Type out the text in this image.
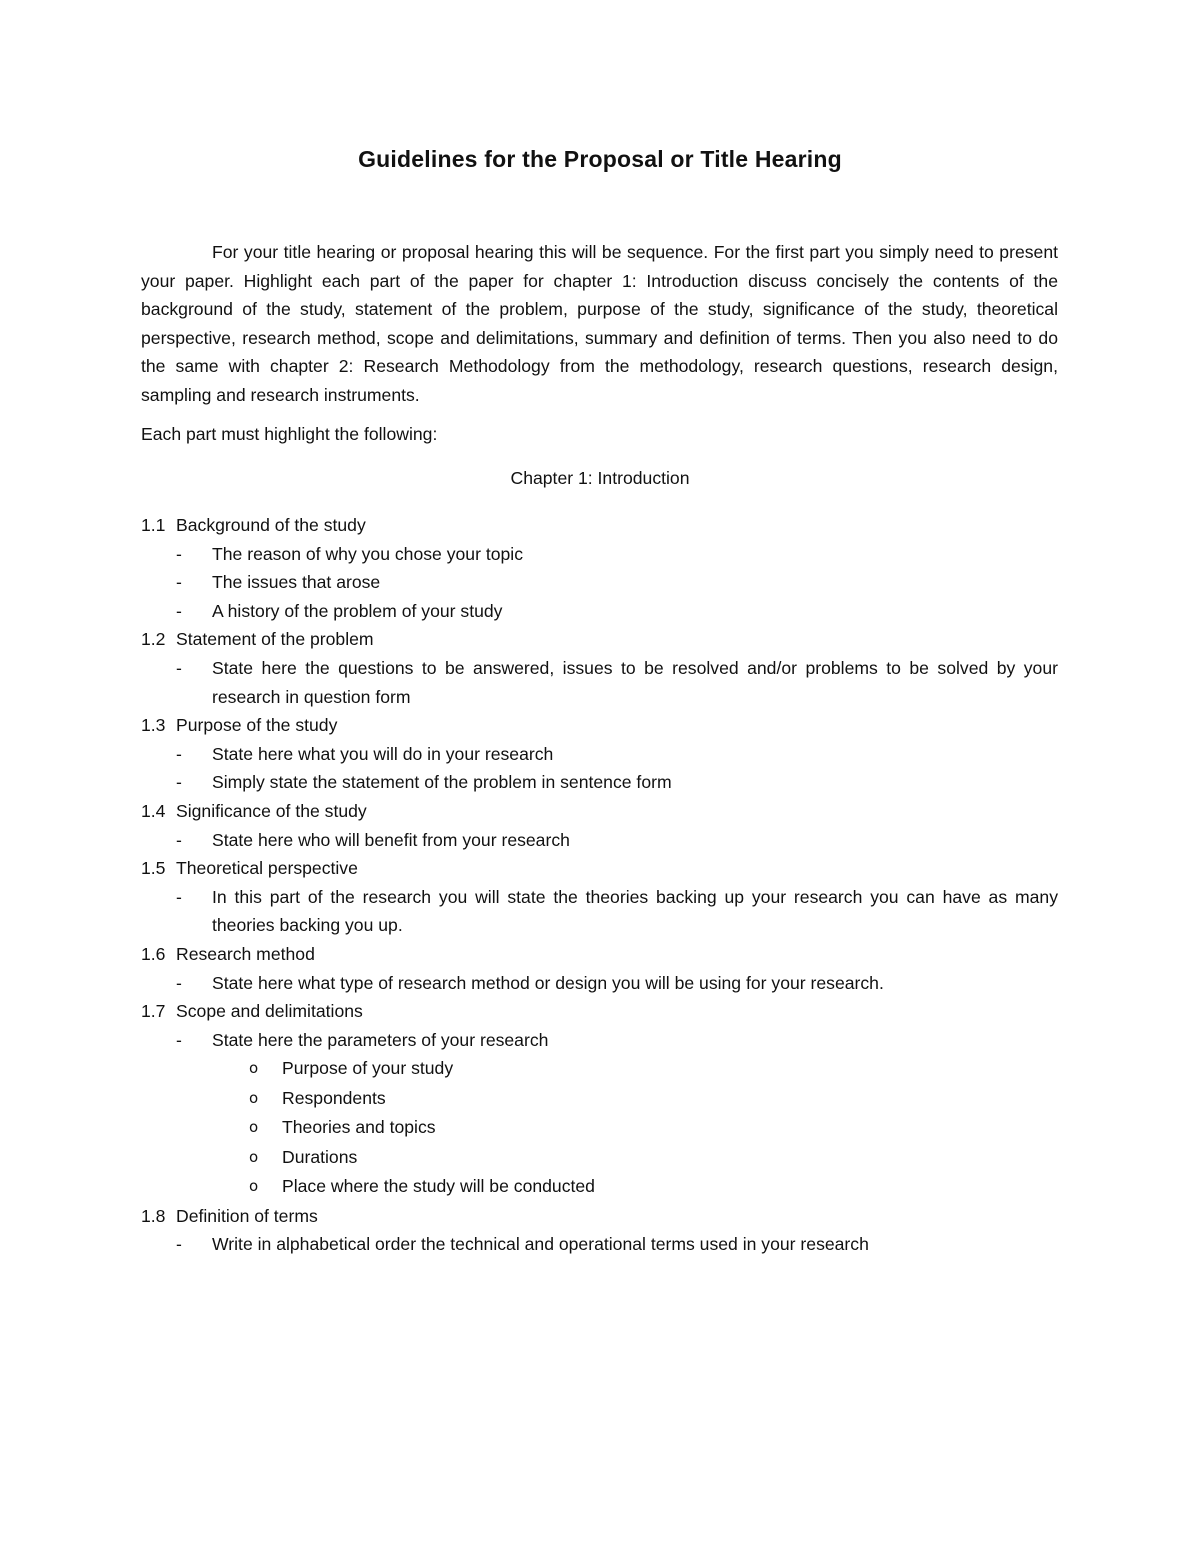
Guidelines for the Proposal or Title Hearing

For your title hearing or proposal hearing this will be sequence. For the first part you simply need to present your paper. Highlight each part of the paper for chapter 1: Introduction discuss concisely the contents of the background of the study, statement of the problem, purpose of the study, significance of the study, theoretical perspective, research method, scope and delimitations, summary and definition of terms. Then you also need to do the same with chapter 2: Research Methodology from the methodology, research questions, research design, sampling and research instruments.

Each part must highlight the following:

Chapter 1: Introduction

1.1 Background of the study

- The reason of why you chose your topic

- The issues that arose

- A history of the problem of your study

1.2 Statement of the problem

- State here the questions to be answered, issues to be resolved and/or problems to be solved by your research in question form

1.3 Purpose of the study

- State here what you will do in your research

- Simply state the statement of the problem in sentence form

1.4 Significance of the study

- State here who will benefit from your research

1.5 Theoretical perspective

- In this part of the research you will state the theories backing up your research you can have as many theories backing you up.

1.6 Research method

- State here what type of research method or design you will be using for your research.

1.7 Scope and delimitations

- State here the parameters of your research

o Purpose of your study

o Respondents

o Theories and topics

o Durations

o Place where the study will be conducted

1.8 Definition of terms

- Write in alphabetical order the technical and operational terms used in your research
